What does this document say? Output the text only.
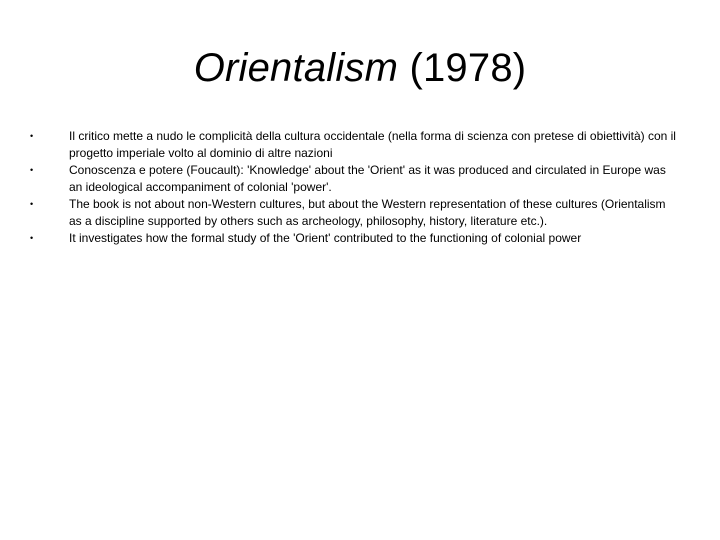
Orientalism (1978)
•	Il critico mette a nudo le complicità della cultura occidentale (nella forma di scienza con pretese di obiettività) con il progetto imperiale volto al dominio di altre nazioni
•	Conoscenza e potere (Foucault): 'Knowledge' about the 'Orient' as it was produced and circulated in Europe was an ideological accompaniment of colonial 'power'.
•	The book is not about non-Western cultures, but about the Western representation of these cultures (Orientalism as a discipline supported by others such as archeology, philosophy, history, literature etc.).
•	It investigates how the formal study of the 'Orient' contributed to the functioning of colonial power
